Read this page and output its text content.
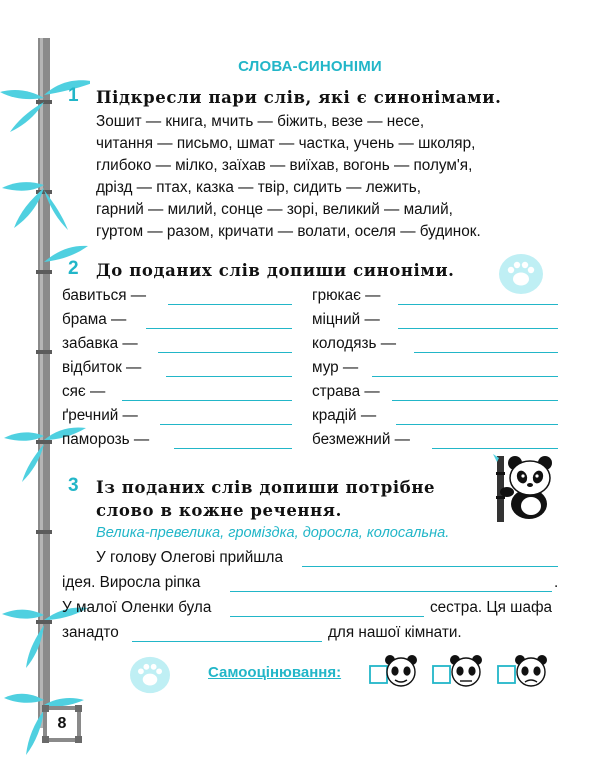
СЛОВА-СИНОНІМИ
1 Підкресли пари слів, які є синонімами.
Зошит — книга, мчить — біжить, везе — несе,
читання — письмо, шмат — частка, учень — школяр,
глибоко — мілко, заїхав — виїхав, вогонь — полум'я,
дрізд — птах, казка — твір, сидить — лежить,
гарний — милий, сонце — зорі, великий — малий,
гуртом — разом, кричати — волати, оселя — будинок.
2 До поданих слів допиши синоніми.
бавиться —	грюкає —
брама —	міцний —
забавка —	колодязь —
відбиток —	мур —
сяє —	страва —
ґречний —	крадій —
паморозь —	безмежний —
3 Із поданих слів допиши потрібне
слово в кожне речення.
Велика-превелика, громіздка, доросла, колосальна.
У голову Олегові прийшла
ідея. Виросла ріпка	.
У малої Оленки була	сестра. Ця шафа
занадто	для нашої кімнати.
Самооцінювання:
?
8
